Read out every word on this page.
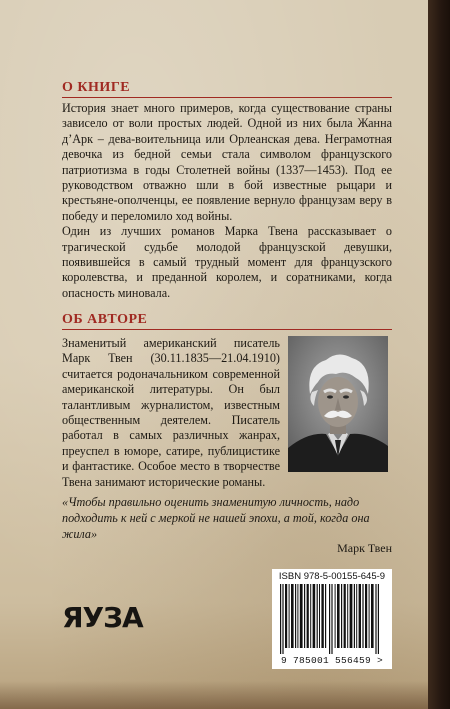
О КНИГЕ

История знает много примеров, когда существование страны зависело от воли простых людей. Одной из них была Жанна д’Арк – дева-воительница или Орлеанская дева. Неграмотная девочка из бедной семьи стала символом французского патриотизма в годы Столетней войны (1337—1453). Под ее руководством отважно шли в бой известные рыцари и крестьяне-ополченцы, ее появление вернуло французам веру в победу и переломило ход войны.

Один из лучших романов Марка Твена рассказывает о трагической судьбе молодой французской девушки, появившейся в самый трудный момент для французского королевства, и преданной королем, и соратниками, когда опасность миновала.

ОБ АВТОРЕ
Знаменитый американский писатель Марк Твен (30.11.1835—21.04.1910) считается родоначальником современной американской литературы. Он был талантливым журналистом, известным общественным деятелем. Писатель работал в самых различных жанрах, преуспел в юморе, сатире, публицистике и фантастике. Особое место в творчестве Твена занимают исторические романы.
«Чтобы правильно оценить знаменитую личность, надо подходить к ней с меркой не нашей эпохи, а той, когда она жила»
Марк Твен
ЯУЗА
ISBN 978-5-00155-645-9
9 785001 556459 >
